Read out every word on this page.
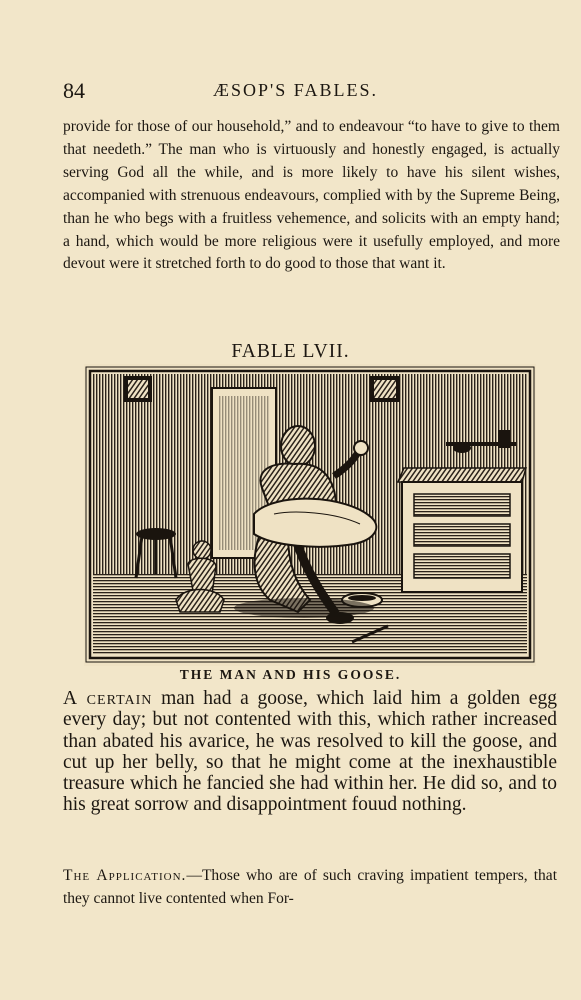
84	ÆSOP'S FABLES.

provide for those of our household,” and to endeavour “to have to give to them that needeth.” The man who is virtuously and honestly engaged, is actually serving God all the while, and is more likely to have his silent wishes, accompanied with strenuous endeavours, complied with by the Supreme Being, than he who begs with a fruitless vehemence, and solicits with an empty hand; a hand, which would be more religious were it usefully employed, and more devout were it stretched forth to do good to those that want it.

FABLE LVII.
THE MAN AND HIS GOOSE.

A certain man had a goose, which laid him a golden egg every day; but not contented with this, which rather increased than abated his avarice, he was resolved to kill the goose, and cut up her belly, so that he might come at the inexhaustible treasure which he fancied she had within her. He did so, and to his great sorrow and disappointment fouud nothing.

The Application.—Those who are of such craving impatient tempers, that they cannot live contented when For-
